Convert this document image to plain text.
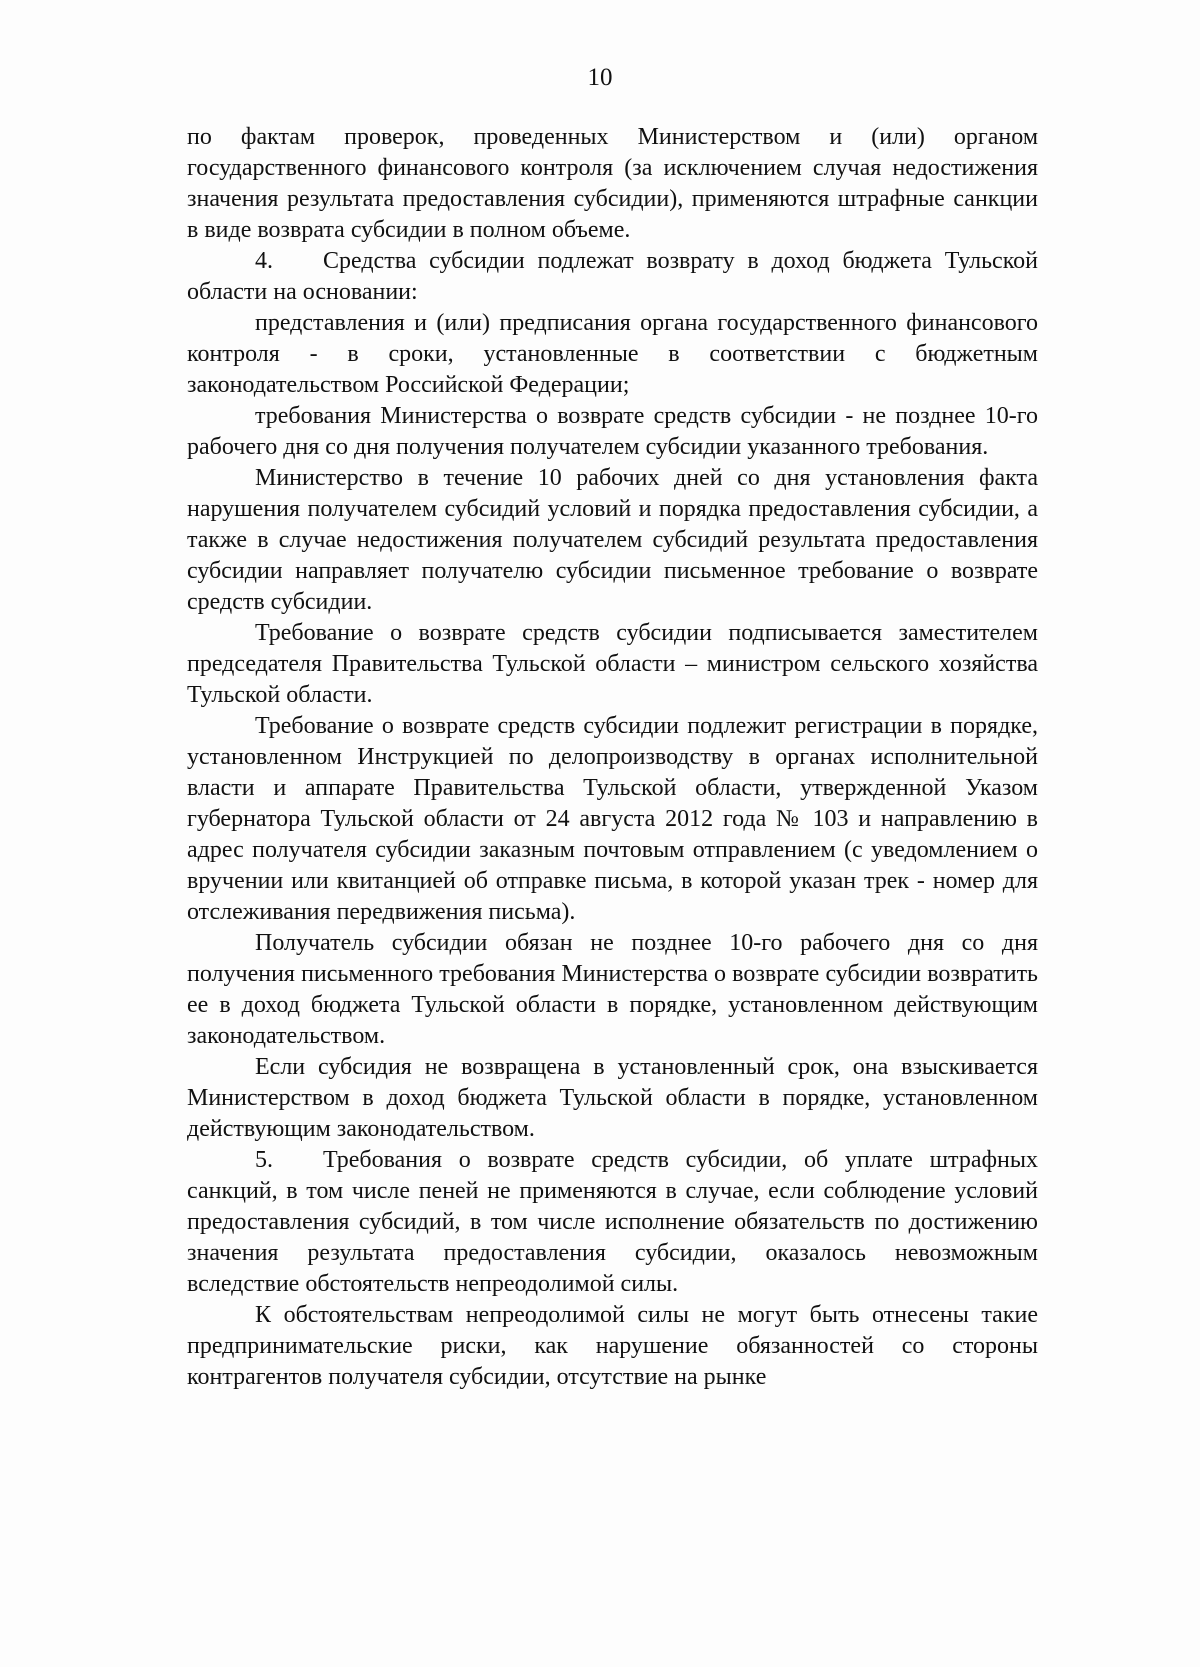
10

по фактам проверок, проведенных Министерством и (или) органом государственного финансового контроля (за исключением случая недостижения значения результата предоставления субсидии), применяются штрафные санкции в виде возврата субсидии в полном объеме.

4. Средства субсидии подлежат возврату в доход бюджета Тульской области на основании:

представления и (или) предписания органа государственного финансового контроля - в сроки, установленные в соответствии с бюджетным законодательством Российской Федерации;

требования Министерства о возврате средств субсидии - не позднее 10-го рабочего дня со дня получения получателем субсидии указанного требования.

Министерство в течение 10 рабочих дней со дня установления факта нарушения получателем субсидий условий и порядка предоставления субсидии, а также в случае недостижения получателем субсидий результата предоставления субсидии направляет получателю субсидии письменное требование о возврате средств субсидии.

Требование о возврате средств субсидии подписывается заместителем председателя Правительства Тульской области – министром сельского хозяйства Тульской области.

Требование о возврате средств субсидии подлежит регистрации в порядке, установленном Инструкцией по делопроизводству в органах исполнительной власти и аппарате Правительства Тульской области, утвержденной Указом губернатора Тульской области от 24 августа 2012 года № 103 и направлению в адрес получателя субсидии заказным почтовым отправлением (с уведомлением о вручении или квитанцией об отправке письма, в которой указан трек - номер для отслеживания передвижения письма).

Получатель субсидии обязан не позднее 10-го рабочего дня со дня получения письменного требования Министерства о возврате субсидии возвратить ее в доход бюджета Тульской области в порядке, установленном действующим законодательством.

Если субсидия не возвращена в установленный срок, она взыскивается Министерством в доход бюджета Тульской области в порядке, установленном действующим законодательством.

5. Требования о возврате средств субсидии, об уплате штрафных санкций, в том числе пеней не применяются в случае, если соблюдение условий предоставления субсидий, в том числе исполнение обязательств по достижению значения результата предоставления субсидии, оказалось невозможным вследствие обстоятельств непреодолимой силы.

К обстоятельствам непреодолимой силы не могут быть отнесены такие предпринимательские риски, как нарушение обязанностей со стороны контрагентов получателя субсидии, отсутствие на рынке
